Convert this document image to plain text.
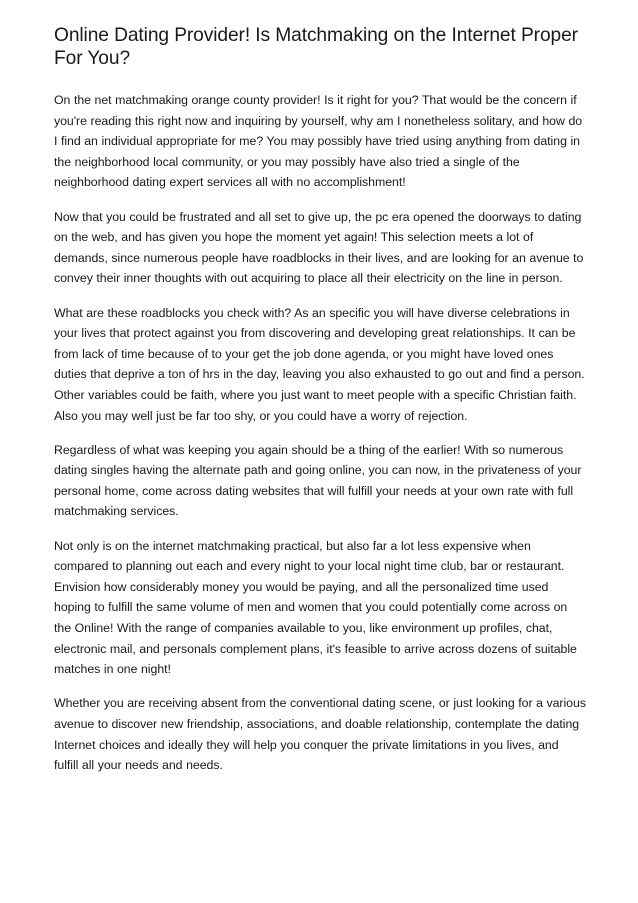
Online Dating Provider! Is Matchmaking on the Internet Proper For You?

On the net matchmaking orange county provider! Is it right for you? That would be the concern if you're reading this right now and inquiring by yourself, why am I nonetheless solitary, and how do I find an individual appropriate for me? You may possibly have tried using anything from dating in the neighborhood local community, or you may possibly have also tried a single of the neighborhood dating expert services all with no accomplishment!

Now that you could be frustrated and all set to give up, the pc era opened the doorways to dating on the web, and has given you hope the moment yet again! This selection meets a lot of demands, since numerous people have roadblocks in their lives, and are looking for an avenue to convey their inner thoughts with out acquiring to place all their electricity on the line in person.

What are these roadblocks you check with? As an specific you will have diverse celebrations in your lives that protect against you from discovering and developing great relationships. It can be from lack of time because of to your get the job done agenda, or you might have loved ones duties that deprive a ton of hrs in the day, leaving you also exhausted to go out and find a person. Other variables could be faith, where you just want to meet people with a specific Christian faith. Also you may well just be far too shy, or you could have a worry of rejection.

Regardless of what was keeping you again should be a thing of the earlier! With so numerous dating singles having the alternate path and going online, you can now, in the privateness of your personal home, come across dating websites that will fulfill your needs at your own rate with full matchmaking services.

Not only is on the internet matchmaking practical, but also far a lot less expensive when compared to planning out each and every night to your local night time club, bar or restaurant. Envision how considerably money you would be paying, and all the personalized time used hoping to fulfill the same volume of men and women that you could potentially come across on the Online! With the range of companies available to you, like environment up profiles, chat, electronic mail, and personals complement plans, it's feasible to arrive across dozens of suitable matches in one night!

Whether you are receiving absent from the conventional dating scene, or just looking for a various avenue to discover new friendship, associations, and doable relationship, contemplate the dating Internet choices and ideally they will help you conquer the private limitations in you lives, and fulfill all your needs and needs.
